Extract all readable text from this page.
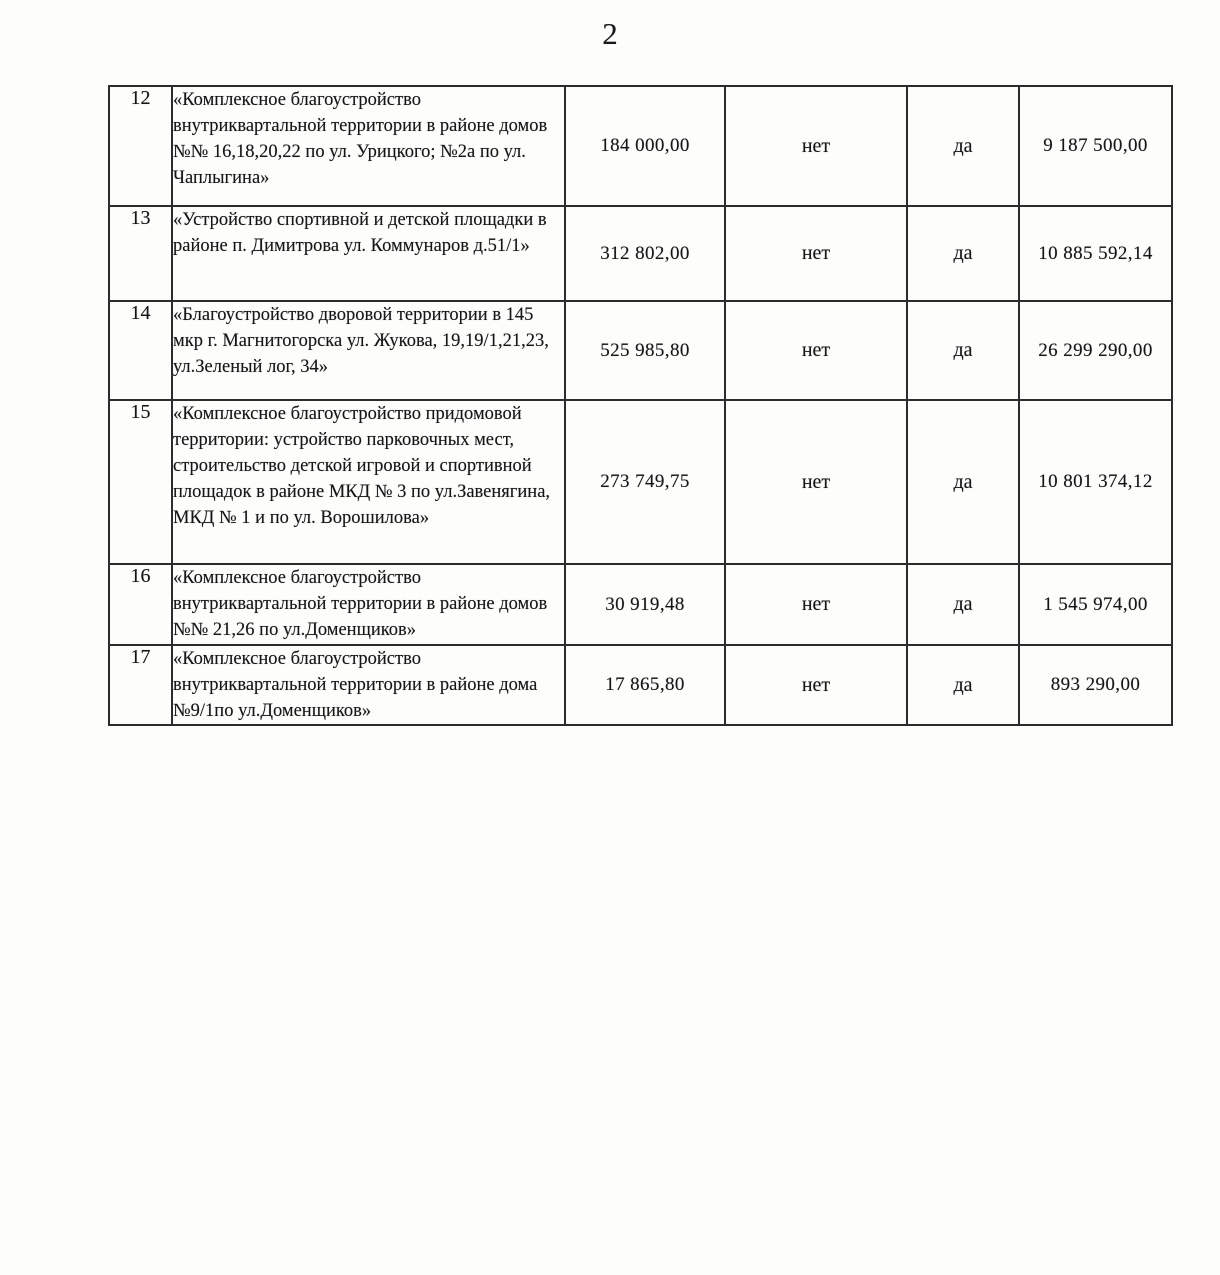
2
12	«Комплексное благоустройство внутриквартальной территории в районе домов №№ 16,18,20,22 по ул. Урицкого; №2а по ул. Чаплыгина»	184 000,00	нет	да	9 187 500,00
13	«Устройство спортивной и детской площадки в районе п. Димитрова ул. Коммунаров д.51/1»	312 802,00	нет	да	10 885 592,14
14	«Благоустройство дворовой территории в 145 мкр г. Магнитогорска ул. Жукова, 19,19/1,21,23, ул.Зеленый лог, 34»	525 985,80	нет	да	26 299 290,00
15	«Комплексное благоустройство придомовой территории: устройство парковочных мест, строительство детской игровой и спортивной площадок в районе МКД № 3 по ул.Завенягина, МКД № 1 и по ул. Ворошилова»	273 749,75	нет	да	10 801 374,12
16	«Комплексное благоустройство внутриквартальной территории в районе домов №№ 21,26 по ул.Доменщиков»	30 919,48	нет	да	1 545 974,00
17	«Комплексное благоустройство внутриквартальной территории в районе дома №9/1по ул.Доменщиков»	17 865,80	нет	да	893 290,00
